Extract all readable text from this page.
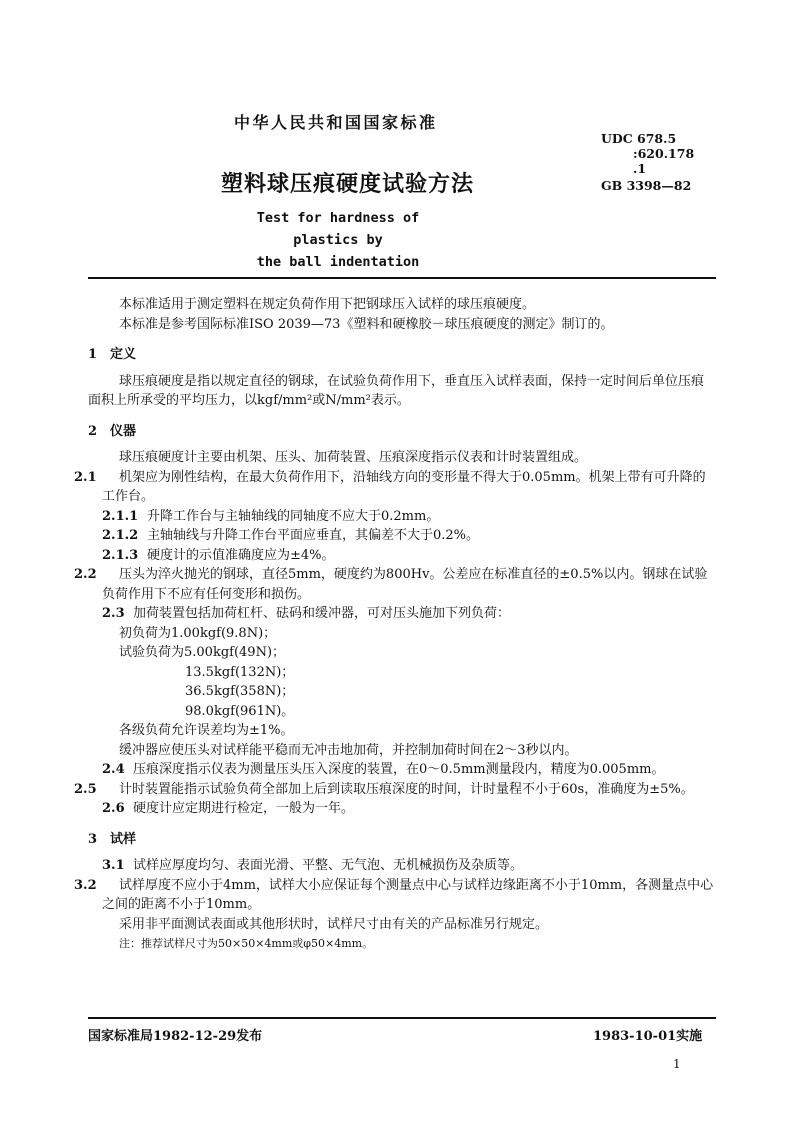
中华人民共和国国家标准
UDC 678.5
:620.178
.1
GB 3398—82
塑料球压痕硬度试验方法
Test for hardness of plastics by
the ball indentation

本标准适用于测定塑料在规定负荷作用下把钢球压入试样的球压痕硬度。

本标准是参考国际标准ISO 2039—73《塑料和硬橡胶－球压痕硬度的测定》制订的。

1 定义

球压痕硬度是指以规定直径的钢球，在试验负荷作用下，垂直压入试样表面，保持一定时间后单位压痕面积上所承受的平均压力，以kgf/mm²或N/mm²表示。

2 仪器

球压痕硬度计主要由机架、压头、加荷装置、压痕深度指示仪表和计时装置组成。

2.1 机架应为刚性结构，在最大负荷作用下，沿轴线方向的变形量不得大于0.05mm。机架上带有可升降的工作台。

2.1.1 升降工作台与主轴轴线的同轴度不应大于0.2mm。

2.1.2 主轴轴线与升降工作台平面应垂直，其偏差不大于0.2%。

2.1.3 硬度计的示值准确度应为±4%。

2.2 压头为淬火抛光的钢球，直径5mm，硬度约为800Hv。公差应在标准直径的±0.5%以内。钢球在试验负荷作用下不应有任何变形和损伤。

2.3 加荷装置包括加荷杠杆、砝码和缓冲器，可对压头施加下列负荷：

初负荷为1.00kgf(9.8N)；

试验负荷为5.00kgf(49N)；

13.5kgf(132N)；

36.5kgf(358N)；

98.0kgf(961N)。

各级负荷允许误差均为±1%。

缓冲器应使压头对试样能平稳而无冲击地加荷，并控制加荷时间在2～3秒以内。

2.4 压痕深度指示仪表为测量压头压入深度的装置，在0～0.5mm测量段内，精度为0.005mm。

2.5 计时装置能指示试验负荷全部加上后到读取压痕深度的时间，计时量程不小于60s，准确度为±5%。

2.6 硬度计应定期进行检定，一般为一年。

3 试样

3.1 试样应厚度均匀、表面光滑、平整、无气泡、无机械损伤及杂质等。

3.2 试样厚度不应小于4mm，试样大小应保证每个测量点中心与试样边缘距离不小于10mm，各测量点中心之间的距离不小于10mm。

采用非平面测试表面或其他形状时，试样尺寸由有关的产品标准另行规定。

注：推荐试样尺寸为50×50×4mm或φ50×4mm。

国家标准局1982-12-29发布	1983-10-01实施
1
